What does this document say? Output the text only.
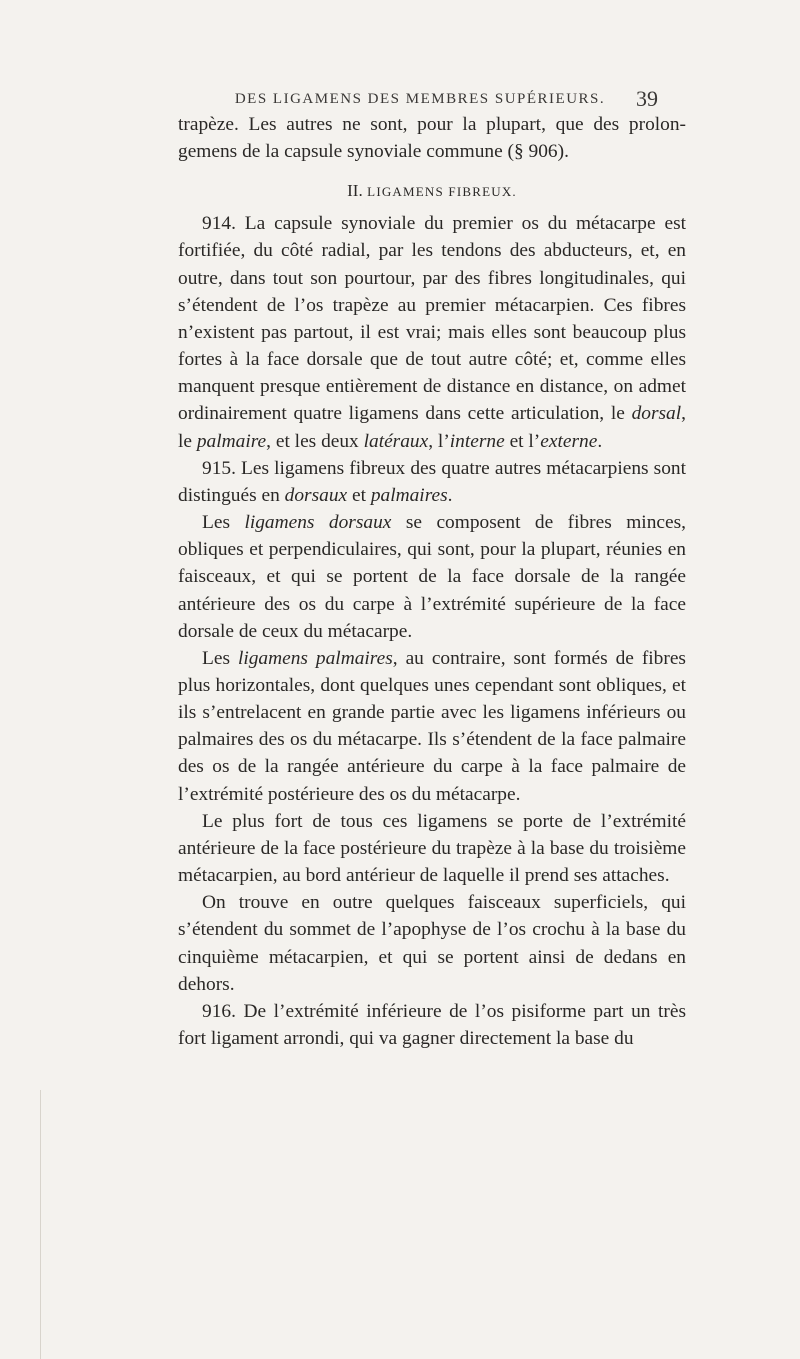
DES LIGAMENS DES MEMBRES SUPÉRIEURS.	39

trapèze. Les autres ne sont, pour la plupart, que des prolon-gemens de la capsule synoviale commune (§ 906).

II. LIGAMENS FIBREUX.

914. La capsule synoviale du premier os du métacarpe est fortifiée, du côté radial, par les tendons des abducteurs, et, en outre, dans tout son pourtour, par des fibres longitudinales, qui s’étendent de l’os trapèze au premier métacarpien. Ces fibres n’existent pas partout, il est vrai; mais elles sont beaucoup plus fortes à la face dorsale que de tout autre côté; et, comme elles manquent presque entièrement de distance en distance, on admet ordinairement quatre ligamens dans cette articulation, le dorsal, le palmaire, et les deux latéraux, l’interne et l’externe.

915. Les ligamens fibreux des quatre autres métacarpiens sont distingués en dorsaux et palmaires.

Les ligamens dorsaux se composent de fibres minces, obliques et perpendiculaires, qui sont, pour la plupart, réunies en faisceaux, et qui se portent de la face dorsale de la rangée antérieure des os du carpe à l’extrémité supérieure de la face dorsale de ceux du métacarpe.

Les ligamens palmaires, au contraire, sont formés de fibres plus horizontales, dont quelques unes cependant sont obliques, et ils s’entrelacent en grande partie avec les ligamens inférieurs ou palmaires des os du métacarpe. Ils s’étendent de la face palmaire des os de la rangée antérieure du carpe à la face palmaire de l’extrémité postérieure des os du métacarpe.

Le plus fort de tous ces ligamens se porte de l’extrémité antérieure de la face postérieure du trapèze à la base du troisième métacarpien, au bord antérieur de laquelle il prend ses attaches.

On trouve en outre quelques faisceaux superficiels, qui s’étendent du sommet de l’apophyse de l’os crochu à la base du cinquième métacarpien, et qui se portent ainsi de dedans en dehors.

916. De l’extrémité inférieure de l’os pisiforme part un très fort ligament arrondi, qui va gagner directement la base du
